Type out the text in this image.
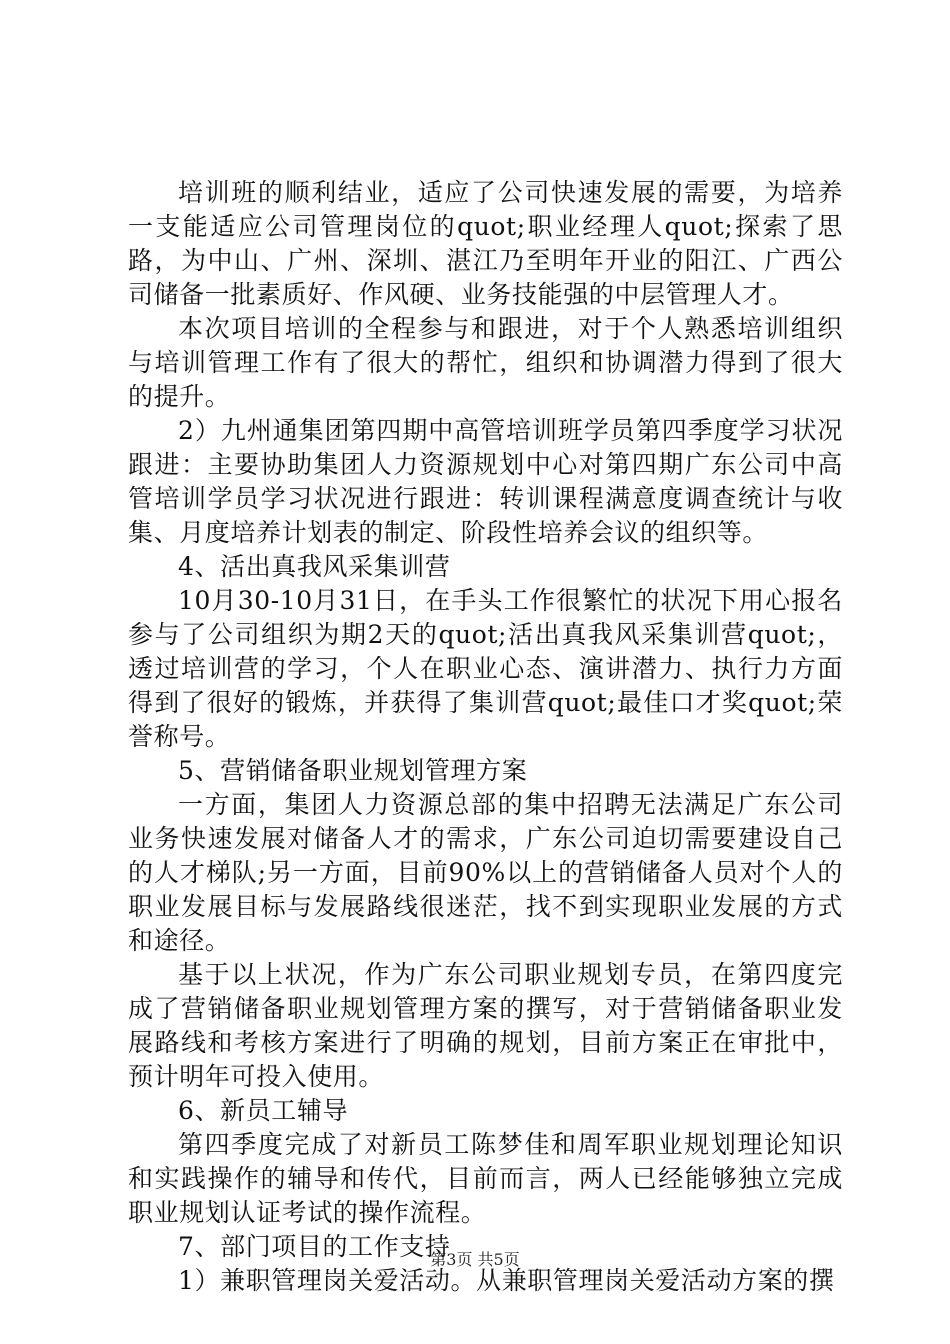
培训班的顺利结业，适应了公司快速发展的需要，为培养一支能适应公司管理岗位的quot;职业经理人quot;探索了思路，为中山、广州、深圳、湛江乃至明年开业的阳江、广西公司储备一批素质好、作风硬、业务技能强的中层管理人才。

本次项目培训的全程参与和跟进，对于个人熟悉培训组织与培训管理工作有了很大的帮忙，组织和协调潜力得到了很大的提升。

2）九州通集团第四期中高管培训班学员第四季度学习状况跟进：主要协助集团人力资源规划中心对第四期广东公司中高管培训学员学习状况进行跟进：转训课程满意度调查统计与收集、月度培养计划表的制定、阶段性培养会议的组织等。

4、活出真我风采集训营

10月30-10月31日，在手头工作很繁忙的状况下用心报名参与了公司组织为期2天的quot;活出真我风采集训营quot;，透过培训营的学习，个人在职业心态、演讲潜力、执行力方面得到了很好的锻炼，并获得了集训营quot;最佳口才奖quot;荣誉称号。

5、营销储备职业规划管理方案

一方面，集团人力资源总部的集中招聘无法满足广东公司业务快速发展对储备人才的需求，广东公司迫切需要建设自己的人才梯队;另一方面，目前90%以上的营销储备人员对个人的职业发展目标与发展路线很迷茫，找不到实现职业发展的方式和途径。

基于以上状况，作为广东公司职业规划专员，在第四度完成了营销储备职业规划管理方案的撰写，对于营销储备职业发展路线和考核方案进行了明确的规划，目前方案正在审批中，预计明年可投入使用。

6、新员工辅导

第四季度完成了对新员工陈梦佳和周军职业规划理论知识和实践操作的辅导和传代，目前而言，两人已经能够独立完成职业规划认证考试的操作流程。

7、部门项目的工作支持

1）兼职管理岗关爱活动。从兼职管理岗关爱活动方案的撰

第3页 共5页
